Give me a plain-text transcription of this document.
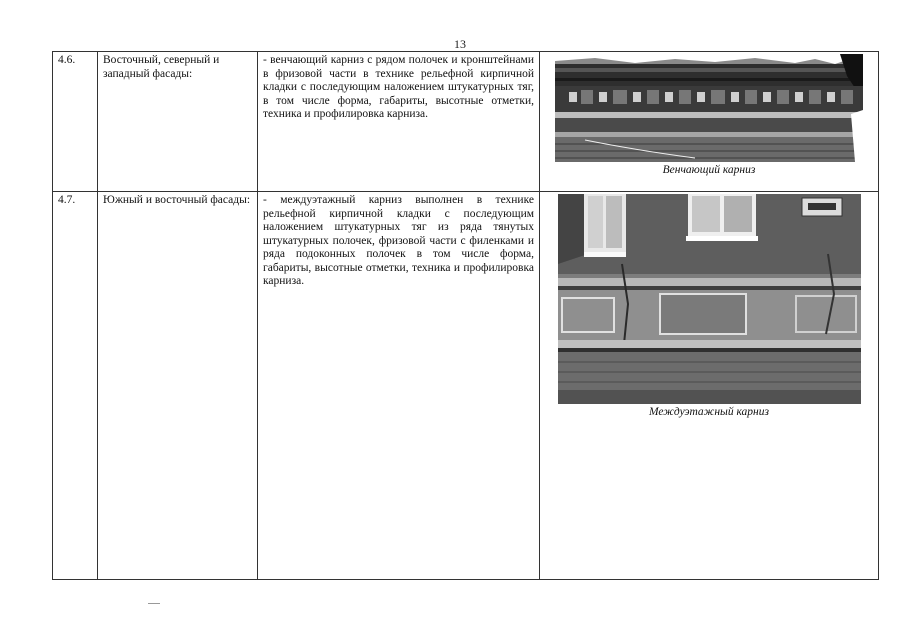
13
4.6.	Восточный, северный и западный фасады:	- венчающий карниз с рядом полочек и кронштейнами в фризовой части в технике рельефной кирпичной кладки с последующим наложением штукатурных тяг, в том числе форма, габариты, высотные отметки, техника и профилировка карниза.	Венчающий карниз

4.7.	Южный и восточный фасады:	- междуэтажный карниз выполнен в технике рельефной кирпичной кладки с последующим наложением штукатурных тяг из ряда тянутых штукатурных полочек, фризовой части с филенками и ряда подоконных полочек в том числе форма, габариты, высотные отметки, техника и профилировка карниза.	Междуэтажный карниз
